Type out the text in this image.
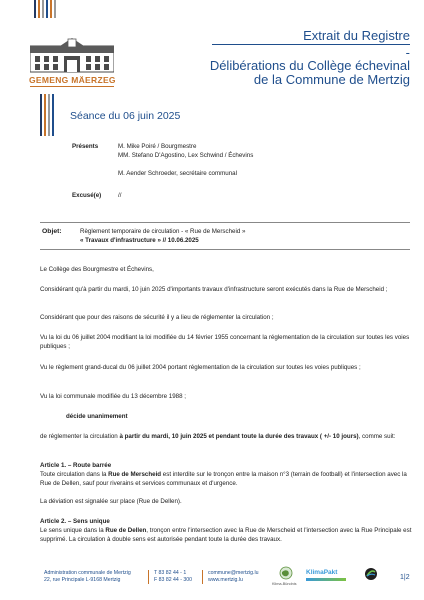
Extrait du Registre
-
Délibérations du Collège échevinal
de la Commune de Mertzig
GEMENG MÄERZEG
Séance du 06 juin 2025
Présents	M. Mike Poiré / Bourgmestre
MM. Stefano D'Agostino, Lex Schwind / Échevins
M. Aender Schroeder, secrétaire communal
Excusé(e)	//
Objet:	Règlement temporaire de circulation - « Rue de Merscheid »
« Travaux d'infrastructure » // 10.06.2025
Le Collège des Bourgmestre et Échevins,
Considérant qu'à partir du mardi, 10 juin 2025 d'importants travaux d'infrastructure seront exécutés dans la Rue de Merscheid ;
Considérant que pour des raisons de sécurité il y a lieu de réglementer la circulation ;
Vu la loi du 06 juillet 2004 modifiant la loi modifiée du 14 février 1955 concernant la réglementation de la circulation sur toutes les voies publiques ;
Vu le règlement grand-ducal du 06 juillet 2004 portant réglementation de la circulation sur toutes les voies publiques ;
Vu la loi communale modifiée du 13 décembre 1988 ;
décide unanimement
de réglementer la circulation à partir du mardi, 10 juin 2025 et pendant toute la durée des travaux ( +/- 10 jours), comme suit:
Article 1. – Route barrée
Toute circulation dans la Rue de Merscheid est interdite sur le tronçon entre la maison n°3 (terrain de football) et l'intersection avec la Rue de Dellen, sauf pour riverains et services communaux et d'urgence.
La déviation est signalée sur place (Rue de Dellen).
Article 2. – Sens unique
Le sens unique dans la Rue de Dellen, tronçon entre l'intersection avec la Rue de Merscheid et l'intersection avec la Rue Principale est supprimé. La circulation à double sens est autorisée pendant toute la durée des travaux.
Administration communale de Mertzig
22, rue Principale L-9168 Mertzig
T 83 82 44 - 1
F 83 82 44 - 300
commune@mertzig.lu
www.mertzig.lu
Klima-Bündnis
KlimaPakt
1|2
